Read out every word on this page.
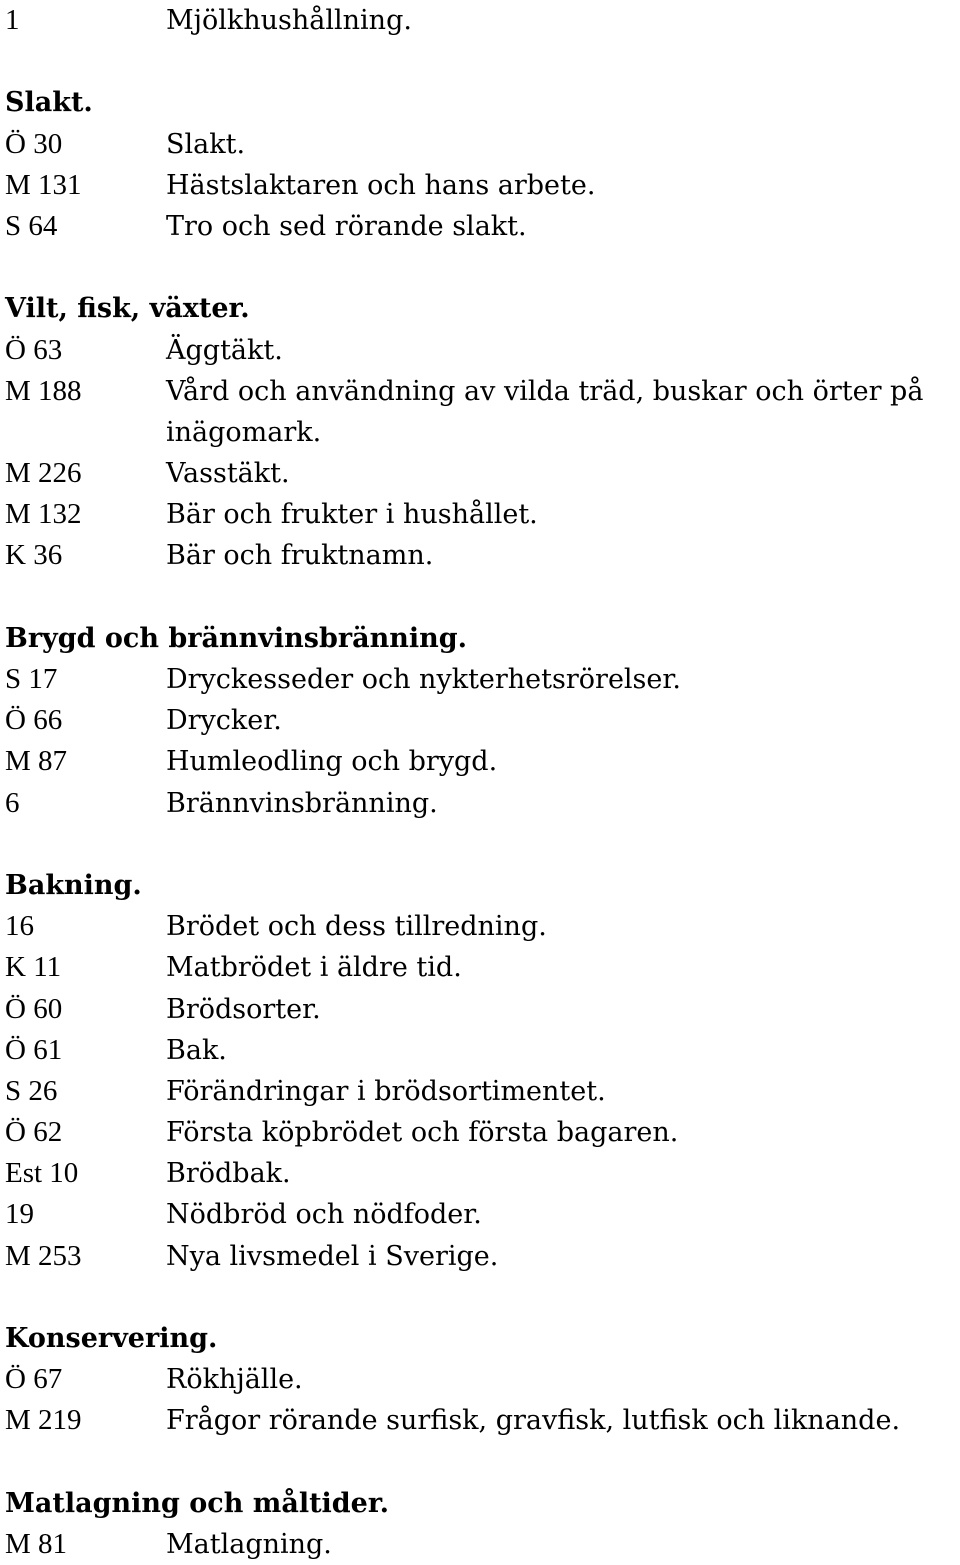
1	Mjölkhushållning.
Slakt.
Ö 30	Slakt.
M 131	Hästslaktaren och hans arbete.
S 64	Tro och sed rörande slakt.
Vilt, fisk, växter.
Ö 63	Äggtäkt.
M 188	Vård och användning av vilda träd, buskar och örter på inägomark.
M 226	Vasstäkt.
M 132	Bär och frukter i hushållet.
K 36	Bär och fruktnamn.
Brygd och brännvinsbränning.
S 17	Dryckesseder och nykterhetsrörelser.
Ö 66	Drycker.
M 87	Humleodling och brygd.
6	Brännvinsbränning.
Bakning.
16	Brödet och dess tillredning.
K 11	Matbrödet i äldre tid.
Ö 60	Brödsorter.
Ö 61	Bak.
S 26	Förändringar i brödsortimentet.
Ö 62	Första köpbrödet och första bagaren.
Est 10	Brödbak.
19	Nödbröd och nödfoder.
M 253	Nya livsmedel i Sverige.
Konservering.
Ö 67	Rökhjälle.
M 219	Frågor rörande surfisk, gravfisk, lutfisk och liknande.
Matlagning och måltider.
M 81	Matlagning.
